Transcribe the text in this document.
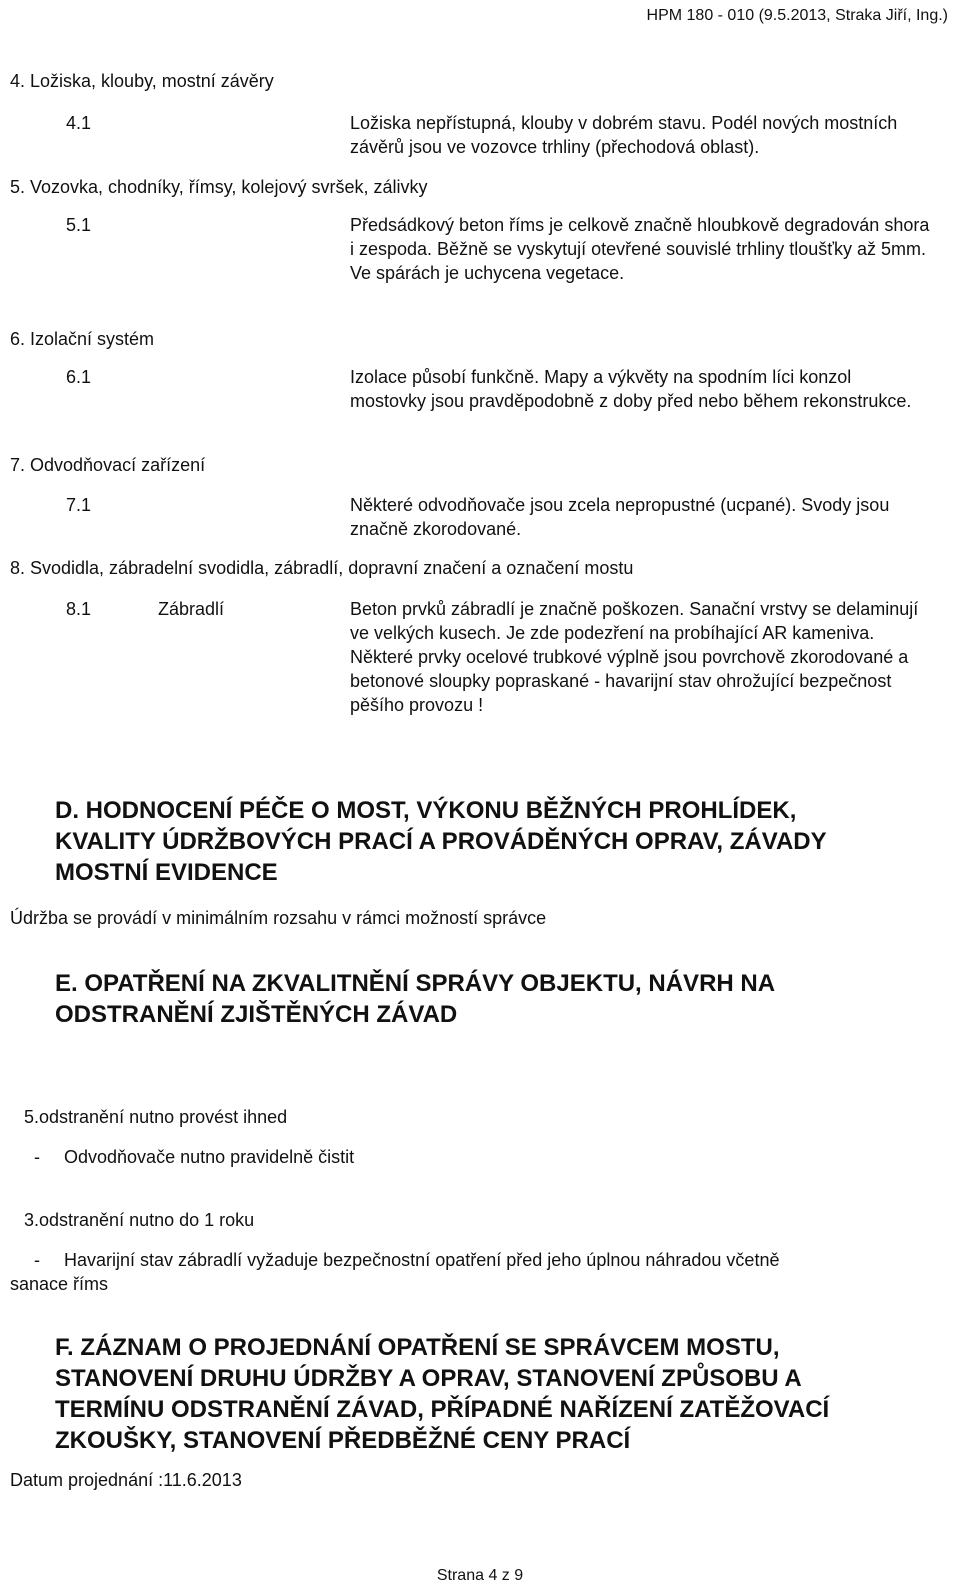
HPM 180 - 010 (9.5.2013, Straka Jiří, Ing.)
4. Ložiska, klouby, mostní závěry
4.1	Ložiska nepřístupná, klouby v dobrém stavu. Podél nových mostních závěrů jsou ve vozovce trhliny (přechodová oblast).
5. Vozovka, chodníky, římsy, kolejový svršek, zálivky
5.1	Předsádkový beton říms je celkově značně hloubkově degradován shora i zespoda. Běžně se vyskytují otevřené souvislé trhliny tloušťky až 5mm. Ve spárách je uchycena vegetace.
6. Izolační systém
6.1	Izolace působí funkčně. Mapy a výkvěty na spodním líci konzol mostovky jsou pravděpodobně z doby před nebo během rekonstrukce.
7. Odvodňovací zařízení
7.1	Některé odvodňovače jsou zcela nepropustné (ucpané). Svody jsou značně zkorodované.
8. Svodidla, zábradelní svodidla, zábradlí, dopravní značení a označení mostu
8.1	Zábradlí	Beton prvků zábradlí je značně poškozen. Sanační vrstvy se delaminují ve velkých kusech. Je zde podezření na probíhající AR kameniva. Některé prvky ocelové trubkové výplně jsou povrchově zkorodované a betonové sloupky popraskané - havarijní stav ohrožující bezpečnost pěšího provozu !
D. HODNOCENÍ PÉČE O MOST, VÝKONU BĚŽNÝCH PROHLÍDEK,
KVALITY ÚDRŽBOVÝCH PRACÍ A PROVÁDĚNÝCH OPRAV, ZÁVADY
MOSTNÍ EVIDENCE
Údržba se provádí v minimálním rozsahu v rámci možností správce
E. OPATŘENÍ NA ZKVALITNĚNÍ SPRÁVY OBJEKTU, NÁVRH NA
ODSTRANĚNÍ ZJIŠTĚNÝCH ZÁVAD
5.odstranění nutno provést ihned
- Odvodňovače nutno pravidelně čistit
3.odstranění nutno do 1 roku
- Havarijní stav zábradlí vyžaduje bezpečnostní opatření před jeho úplnou náhradou včetně
sanace říms
F. ZÁZNAM O PROJEDNÁNÍ OPATŘENÍ SE SPRÁVCEM MOSTU,
STANOVENÍ DRUHU ÚDRŽBY A OPRAV, STANOVENÍ ZPŮSOBU A
TERMÍNU ODSTRANĚNÍ ZÁVAD, PŘÍPADNÉ NAŘÍZENÍ ZATĚŽOVACÍ
ZKOUŠKY, STANOVENÍ PŘEDBĚŽNÉ CENY PRACÍ
Datum projednání :11.6.2013
Strana 4 z 9
